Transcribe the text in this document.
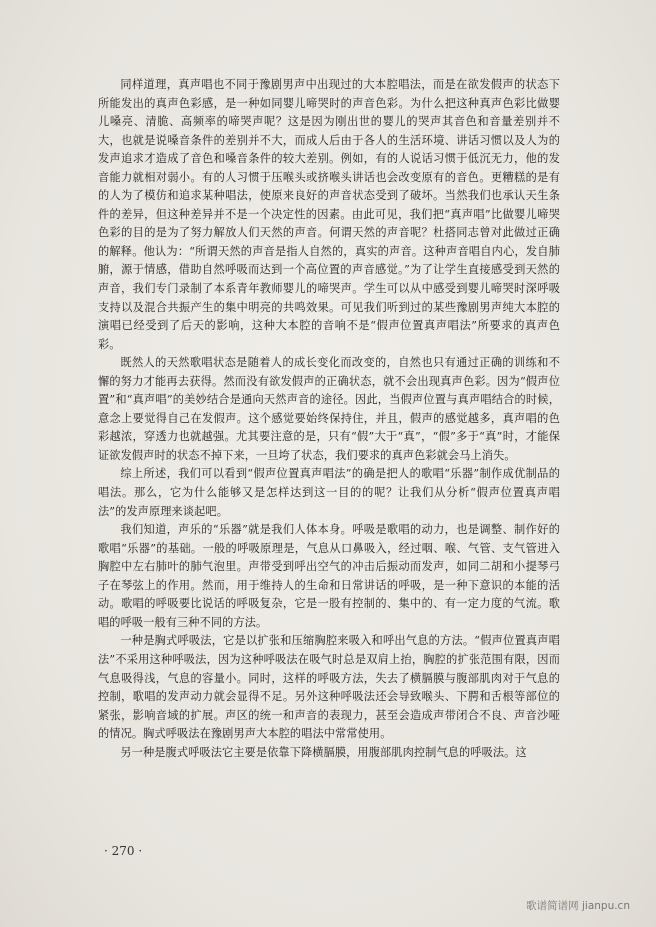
同样道理，真声唱也不同于豫剧男声中出现过的大本腔唱法，而是在欲发假声的状态下所能发出的真声色彩感，是一种如同婴儿啼哭时的声音色彩。为什么把这种真声色彩比做婴儿嗓亮、清脆、高频率的啼哭声呢？这是因为刚出世的婴儿的哭声其音色和音量差别并不大，也就是说嗓音条件的差别并不大，而成人后由于各人的生活环境、讲话习惯以及人为的发声追求才造成了音色和嗓音条件的较大差别。例如，有的人说话习惯于低沉无力，他的发音能力就相对弱小。有的人习惯于压喉头或挤喉头讲话也会改变原有的音色。更糟糕的是有的人为了模仿和追求某种唱法，使原来良好的声音状态受到了破坏。当然我们也承认天生条件的差异，但这种差异并不是一个决定性的因素。由此可见，我们把“真声唱”比做婴儿啼哭色彩的目的是为了努力解放人们天然的声音。何谓天然的声音呢？杜搭同志曾对此做过正确的解释。他认为：“所谓天然的声音是指人自然的，真实的声音。这种声音唱自内心，发自肺腑，源于情感，借助自然呼吸而达到一个高位置的声音感觉。”为了让学生直接感受到天然的声音，我们专门录制了本系青年教师婴儿的啼哭声。学生可以从中感受到婴儿啼哭时深呼吸支持以及混合共振产生的集中明亮的共鸣效果。可见我们听到过的某些豫剧男声纯大本腔的演唱已经受到了后天的影响，这种大本腔的音响不是“假声位置真声唱法”所要求的真声色彩。

既然人的天然歌唱状态是随着人的成长变化而改变的，自然也只有通过正确的训练和不懈的努力才能再去获得。然而没有欲发假声的正确状态，就不会出现真声色彩。因为“假声位置”和“真声唱”的美妙结合是通向天然声音的途径。因此，当假声位置与真声唱结合的时候，意念上要觉得自己在发假声。这个感觉要始终保持住，并且，假声的感觉越多，真声唱的色彩越浓，穿透力也就越强。尤其要注意的是，只有“假”大于“真”，“假”多于“真”时，才能保证欲发假声时的状态不掉下来，一旦垮了状态，我们要求的真声色彩就会马上消失。

综上所述，我们可以看到“假声位置真声唱法”的确是把人的歌唱“乐器”制作成优制品的唱法。那么，它为什么能够又是怎样达到这一目的的呢？让我们从分析“假声位置真声唱法”的发声原理来谈起吧。

我们知道，声乐的“乐器”就是我们人体本身。呼吸是歌唱的动力，也是调整、制作好的歌唱“乐器”的基础。一般的呼吸原理是，气息从口鼻吸入，经过咽、喉、气管、支气管进入胸腔中左右肺叶的肺气泡里。声带受到呼出空气的冲击后振动而发声，如同二胡和小提琴弓子在琴弦上的作用。然而，用于维持人的生命和日常讲话的呼吸，是一种下意识的本能的活动。歌唱的呼吸要比说话的呼吸复杂，它是一股有控制的、集中的、有一定力度的气流。歌唱的呼吸一般有三种不同的方法。

一种是胸式呼吸法，它是以扩张和压缩胸腔来吸入和呼出气息的方法。“假声位置真声唱法”不采用这种呼吸法，因为这种呼吸法在吸气时总是双肩上抬，胸腔的扩张范围有限，因而气息吸得浅，气息的容量小。同时，这样的呼吸方法，失去了横膈膜与腹部肌肉对于气息的控制，歌唱的发声动力就会显得不足。另外这种呼吸法还会导致喉头、下腭和舌根等部位的紧张，影响音域的扩展。声区的统一和声音的表现力，甚至会造成声带闭合不良、声音沙哑的情况。胸式呼吸法在豫剧男声大本腔的唱法中常常使用。

另一种是腹式呼吸法它主要是依靠下降横膈膜，用腹部肌肉控制气息的呼吸法。这

· 270 ·
歌谱简谱网 jianpu.cn
